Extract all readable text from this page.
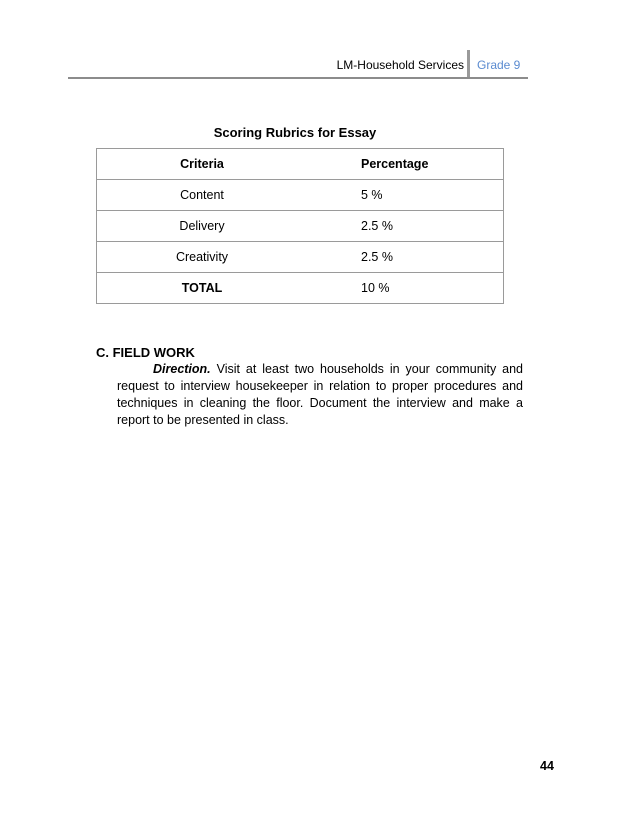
LM-Household Services Grade 9
Scoring Rubrics for Essay
Criteria	Percentage
Content	5 %
Delivery	2.5 %
Creativity	2.5 %
TOTAL	10 %
C. FIELD WORK
Direction. Visit at least two households in your community and request to interview housekeeper in relation to proper procedures and techniques in cleaning the floor. Document the interview and make a report to be presented in class.
44
